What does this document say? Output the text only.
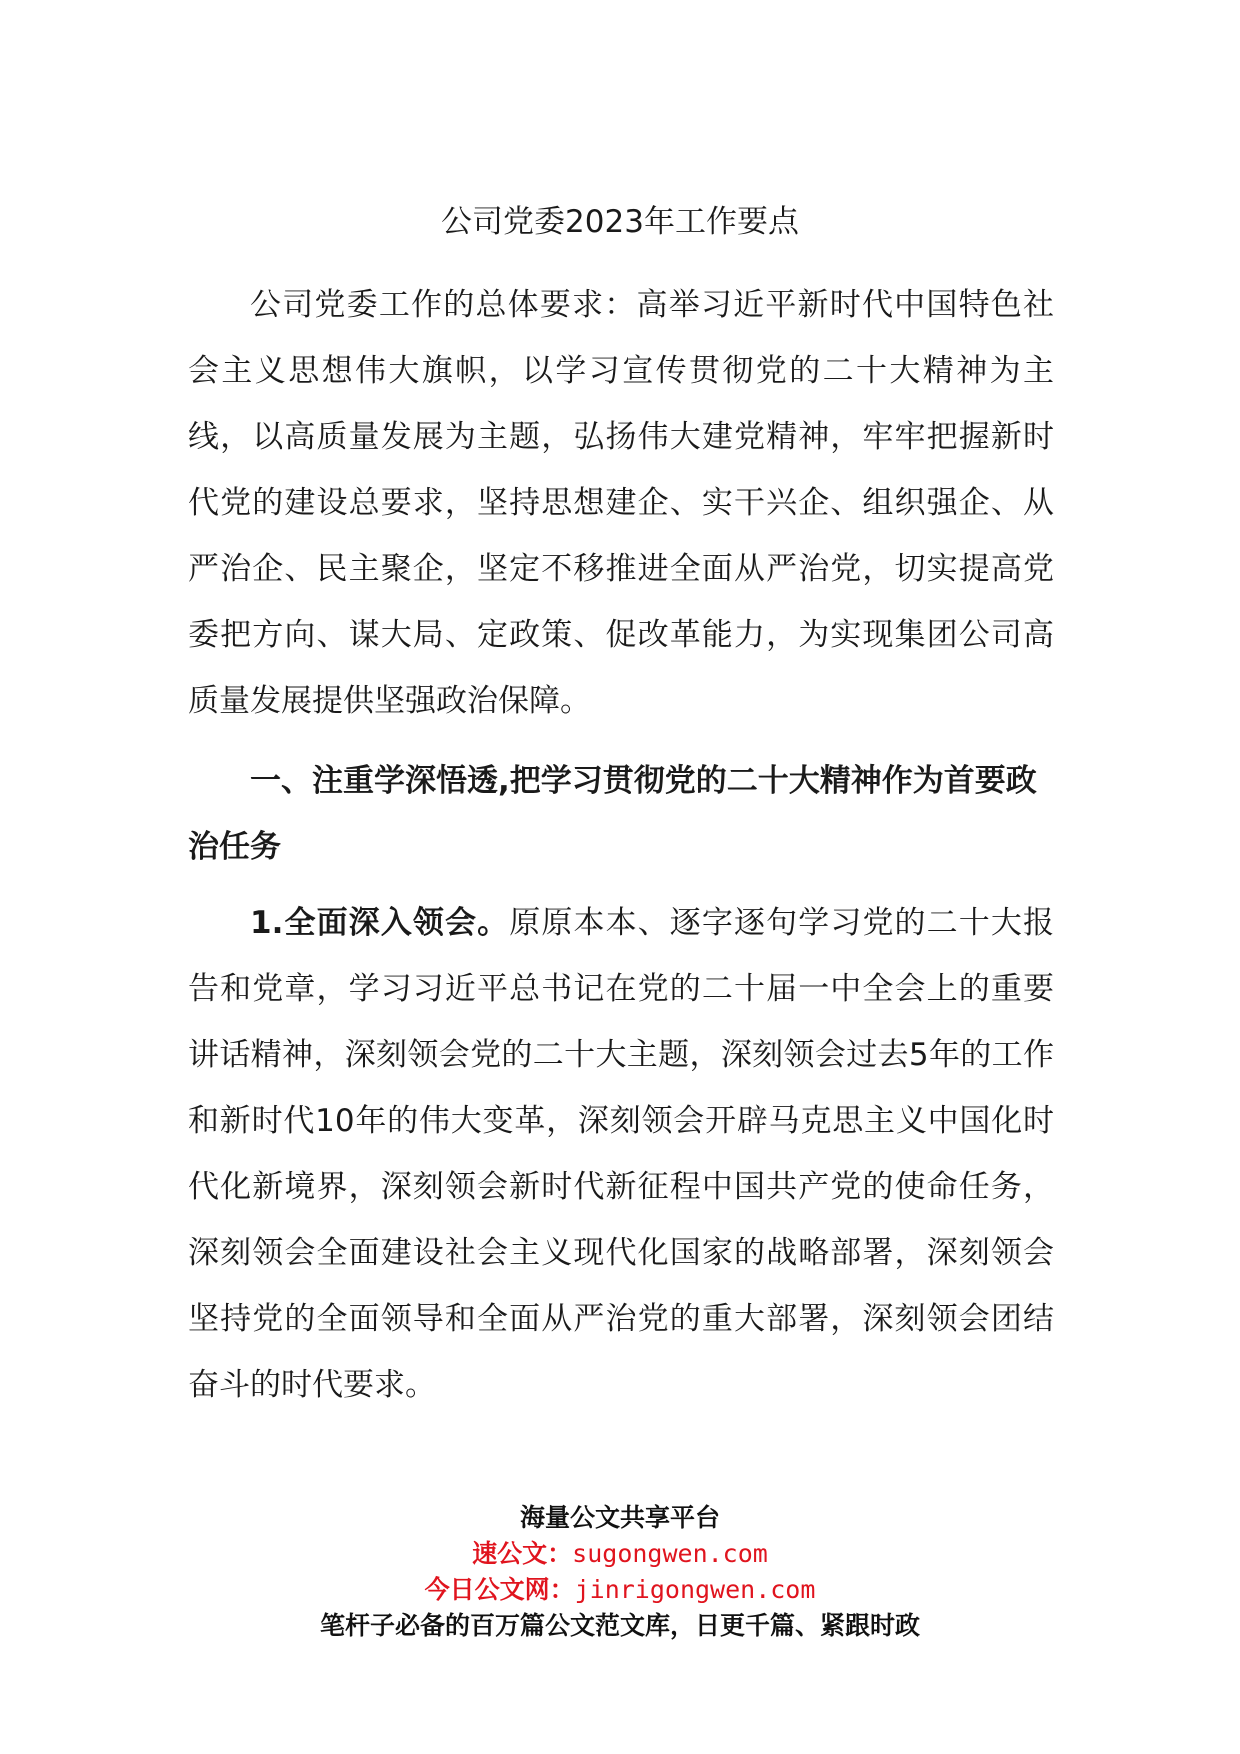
公司党委2023年工作要点

公司党委工作的总体要求：高举习近平新时代中国特色社会主义思想伟大旗帜，以学习宣传贯彻党的二十大精神为主线，以高质量发展为主题，弘扬伟大建党精神，牢牢把握新时代党的建设总要求，坚持思想建企、实干兴企、组织强企、从严治企、民主聚企，坚定不移推进全面从严治党，切实提高党委把方向、谋大局、定政策、促改革能力，为实现集团公司高质量发展提供坚强政治保障。

一、注重学深悟透,把学习贯彻党的二十大精神作为首要政治任务

1.全面深入领会。原原本本、逐字逐句学习党的二十大报告和党章，学习习近平总书记在党的二十届一中全会上的重要讲话精神，深刻领会党的二十大主题，深刻领会过去5年的工作和新时代10年的伟大变革，深刻领会开辟马克思主义中国化时代化新境界，深刻领会新时代新征程中国共产党的使命任务，深刻领会全面建设社会主义现代化国家的战略部署，深刻领会坚持党的全面领导和全面从严治党的重大部署，深刻领会团结奋斗的时代要求。

海量公文共享平台
速公文：sugongwen.com
今日公文网：jinrigongwen.com
笔杆子必备的百万篇公文范文库，日更千篇、紧跟时政
